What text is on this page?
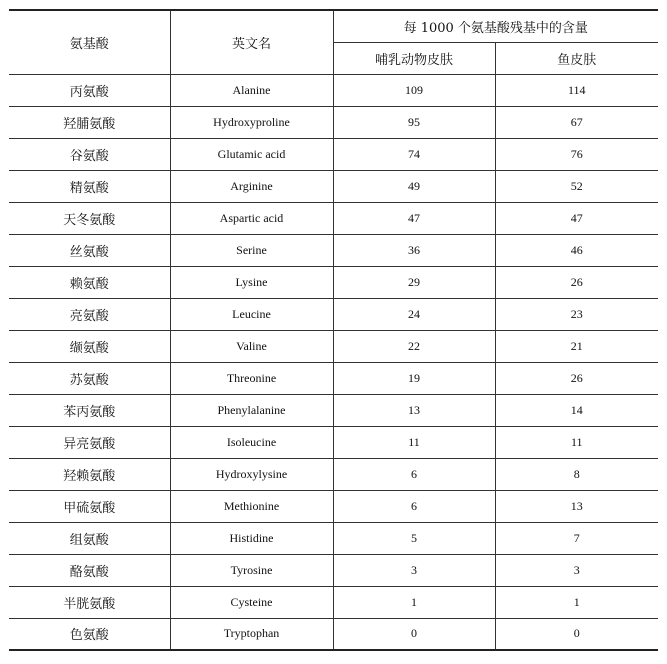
氨基酸	英文名	每 1000 个氨基酸残基中的含量	
		哺乳动物皮肤	鱼皮肤
丙氨酸	Alanine	109	114
羟脯氨酸	Hydroxyproline	95	67
谷氨酸	Glutamic acid	74	76
精氨酸	Arginine	49	52
天冬氨酸	Aspartic acid	47	47
丝氨酸	Serine	36	46
赖氨酸	Lysine	29	26
亮氨酸	Leucine	24	23
缬氨酸	Valine	22	21
苏氨酸	Threonine	19	26
苯丙氨酸	Phenylalanine	13	14
异亮氨酸	Isoleucine	11	11
羟赖氨酸	Hydroxylysine	6	8
甲硫氨酸	Methionine	6	13
组氨酸	Histidine	5	7
酪氨酸	Tyrosine	3	3
半胱氨酸	Cysteine	1	1
色氨酸	Tryptophan	0	0
